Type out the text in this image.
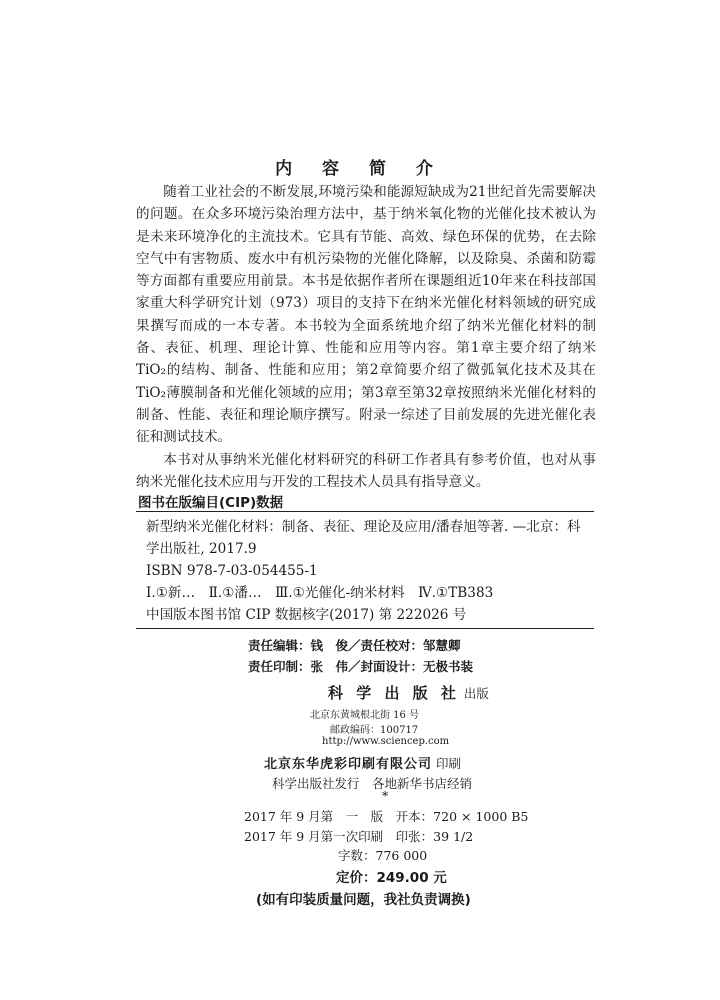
内 容 简 介

随着工业社会的不断发展,环境污染和能源短缺成为21世纪首先需要解决的问题。在众多环境污染治理方法中，基于纳米氧化物的光催化技术被认为是未来环境净化的主流技术。它具有节能、高效、绿色环保的优势，在去除空气中有害物质、废水中有机污染物的光催化降解，以及除臭、杀菌和防霉等方面都有重要应用前景。本书是依据作者所在课题组近10年来在科技部国家重大科学研究计划（973）项目的支持下在纳米光催化材料领域的研究成果撰写而成的一本专著。本书较为全面系统地介绍了纳米光催化材料的制备、表征、机理、理论计算、性能和应用等内容。第1章主要介绍了纳米TiO₂的结构、制备、性能和应用；第2章简要介绍了微弧氧化技术及其在TiO₂薄膜制备和光催化领域的应用；第3章至第32章按照纳米光催化材料的制备、性能、表征和理论顺序撰写。附录一综述了目前发展的先进光催化表征和测试技术。

本书对从事纳米光催化材料研究的科研工作者具有参考价值，也对从事纳米光催化技术应用与开发的工程技术人员具有指导意义。

图书在版编目(CIP)数据
新型纳米光催化材料：制备、表征、理论及应用/潘春旭等著. —北京：科学出版社, 2017.9
ISBN 978-7-03-054455-1
Ⅰ.①新…　Ⅱ.①潘…　Ⅲ.①光催化-纳米材料　Ⅳ.①TB383
中国版本图书馆 CIP 数据核字(2017) 第 222026 号
责任编辑：钱　俊／责任校对：邹慧卿
责任印制：张　伟／封面设计：无极书装
科 学 出 版 社 出版
北京东黄城根北街 16 号
邮政编码：100717
http://www.sciencep.com
北京东华虎彩印刷有限公司 印刷
科学出版社发行　各地新华书店经销
*
2017 年 9 月第　一　版　开本：720 × 1000 B5
2017 年 9 月第一次印刷　印张：39 1/2
字数：776 000
定价：249.00 元
(如有印装质量问题，我社负责调换)
